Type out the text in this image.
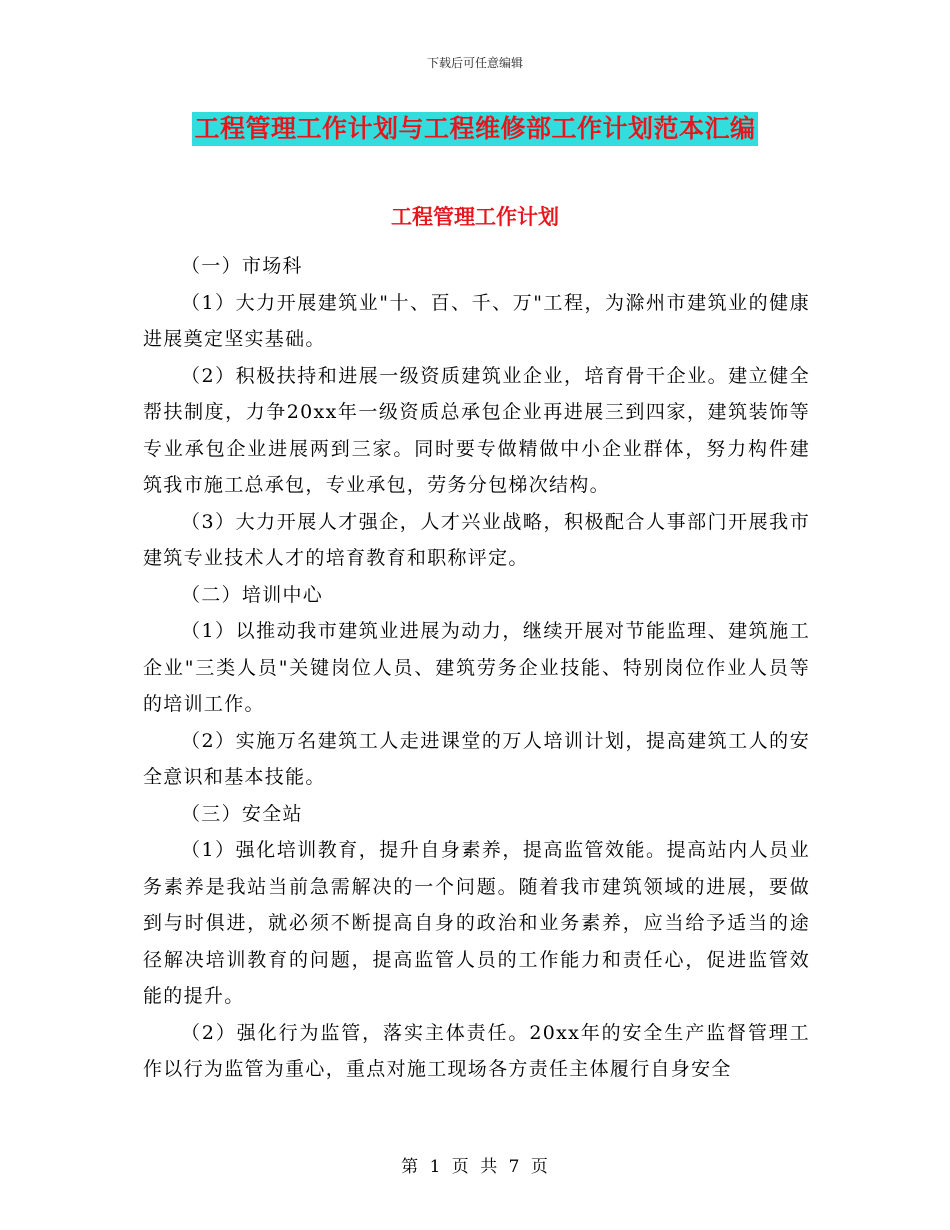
下载后可任意编辑
工程管理工作计划与工程维修部工作计划范本汇编
工程管理工作计划

（一）市场科

（1）大力开展建筑业"十、百、千、万"工程，为滁州市建筑业的健康进展奠定坚实基础。

（2）积极扶持和进展一级资质建筑业企业，培育骨干企业。建立健全帮扶制度，力争20xx年一级资质总承包企业再进展三到四家，建筑装饰等专业承包企业进展两到三家。同时要专做精做中小企业群体，努力构件建筑我市施工总承包，专业承包，劳务分包梯次结构。

（3）大力开展人才强企，人才兴业战略，积极配合人事部门开展我市建筑专业技术人才的培育教育和职称评定。

（二）培训中心

（1）以推动我市建筑业进展为动力，继续开展对节能监理、建筑施工企业"三类人员"关键岗位人员、建筑劳务企业技能、特别岗位作业人员等的培训工作。

（2）实施万名建筑工人走进课堂的万人培训计划，提高建筑工人的安全意识和基本技能。

（三）安全站

（1）强化培训教育，提升自身素养，提高监管效能。提高站内人员业务素养是我站当前急需解决的一个问题。随着我市建筑领域的进展，要做到与时俱进，就必须不断提高自身的政治和业务素养，应当给予适当的途径解决培训教育的问题，提高监管人员的工作能力和责任心，促进监管效能的提升。

（2）强化行为监管，落实主体责任。20xx年的安全生产监督管理工作以行为监管为重心，重点对施工现场各方责任主体履行自身安全

第 1 页 共 7 页
